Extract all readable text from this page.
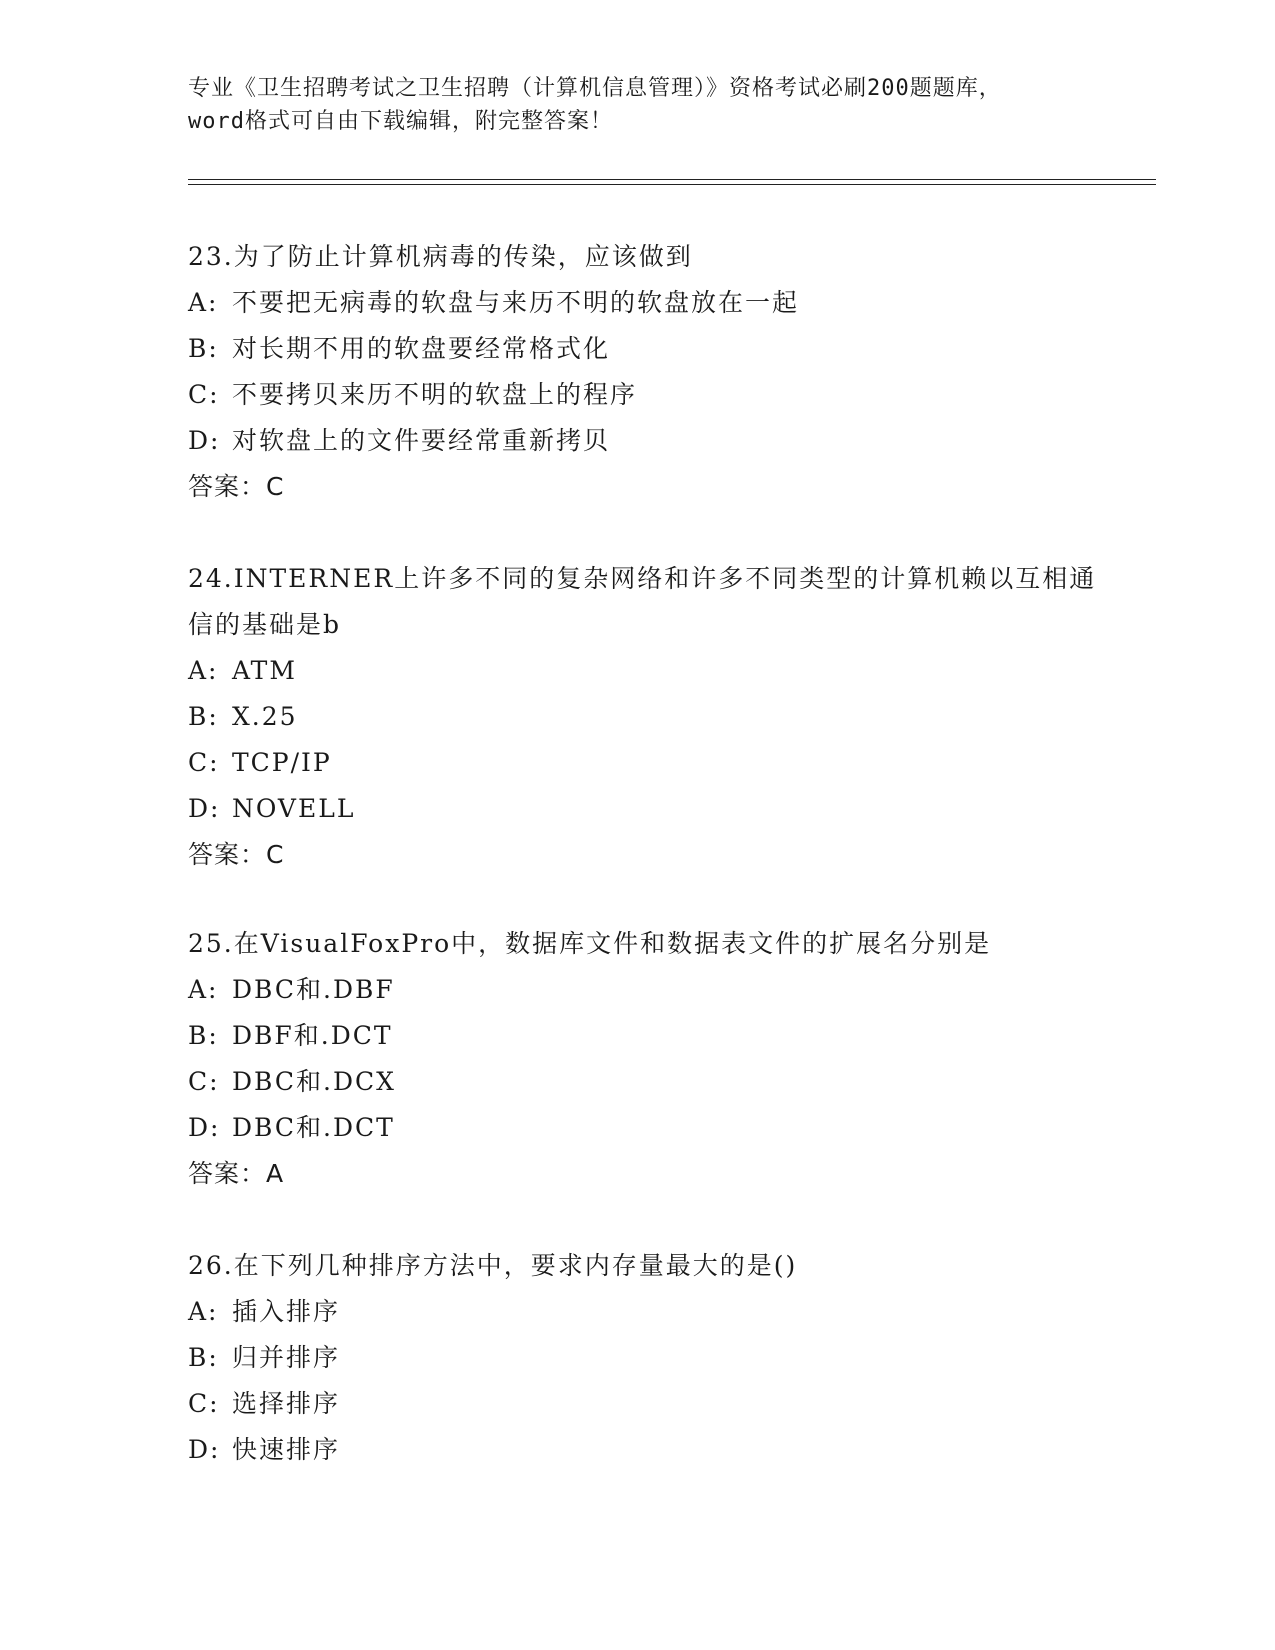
专业《卫生招聘考试之卫生招聘（计算机信息管理）》资格考试必刷200题题库，
word格式可自由下载编辑，附完整答案！
23.为了防止计算机病毒的传染，应该做到
A: 不要把无病毒的软盘与来历不明的软盘放在一起
B: 对长期不用的软盘要经常格式化
C: 不要拷贝来历不明的软盘上的程序
D: 对软盘上的文件要经常重新拷贝
答案：C
24.INTERNER上许多不同的复杂网络和许多不同类型的计算机赖以互相通信的基础是b
A: ATM
B: X.25
C: TCP/IP
D: NOVELL
答案：C
25.在VisualFoxPro中，数据库文件和数据表文件的扩展名分别是
A: DBC和.DBF
B: DBF和.DCT
C: DBC和.DCX
D: DBC和.DCT
答案：A
26.在下列几种排序方法中，要求内存量最大的是()
A: 插入排序
B: 归并排序
C: 选择排序
D: 快速排序
